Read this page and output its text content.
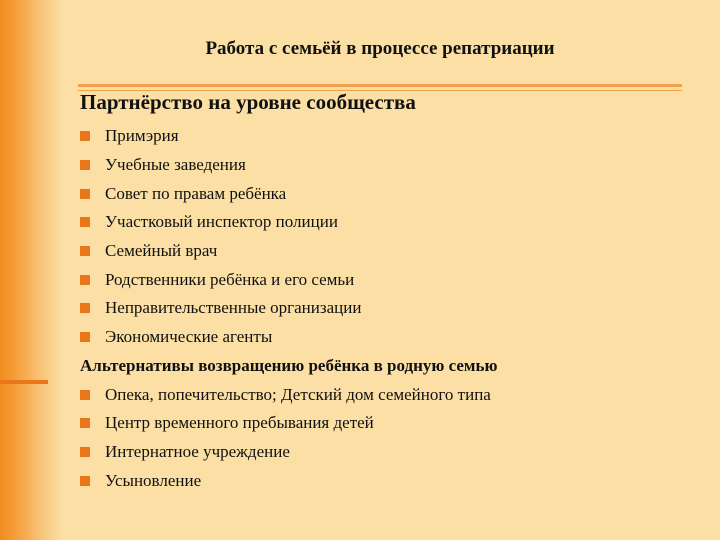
Работа с семьёй в процессе репатриации
Партнёрство на уровне сообщества
Примэрия
Учебные заведения
Совет по правам ребёнка
Участковый инспектор полиции
Семейный врач
Родственники ребёнка и его семьи
Неправительственные организации
Экономические агенты
Альтернативы возвращению ребёнка в родную семью
Опека, попечительство; Детский дом семейного типа
Центр временного пребывания детей
Интернатное учреждение
Усыновление
